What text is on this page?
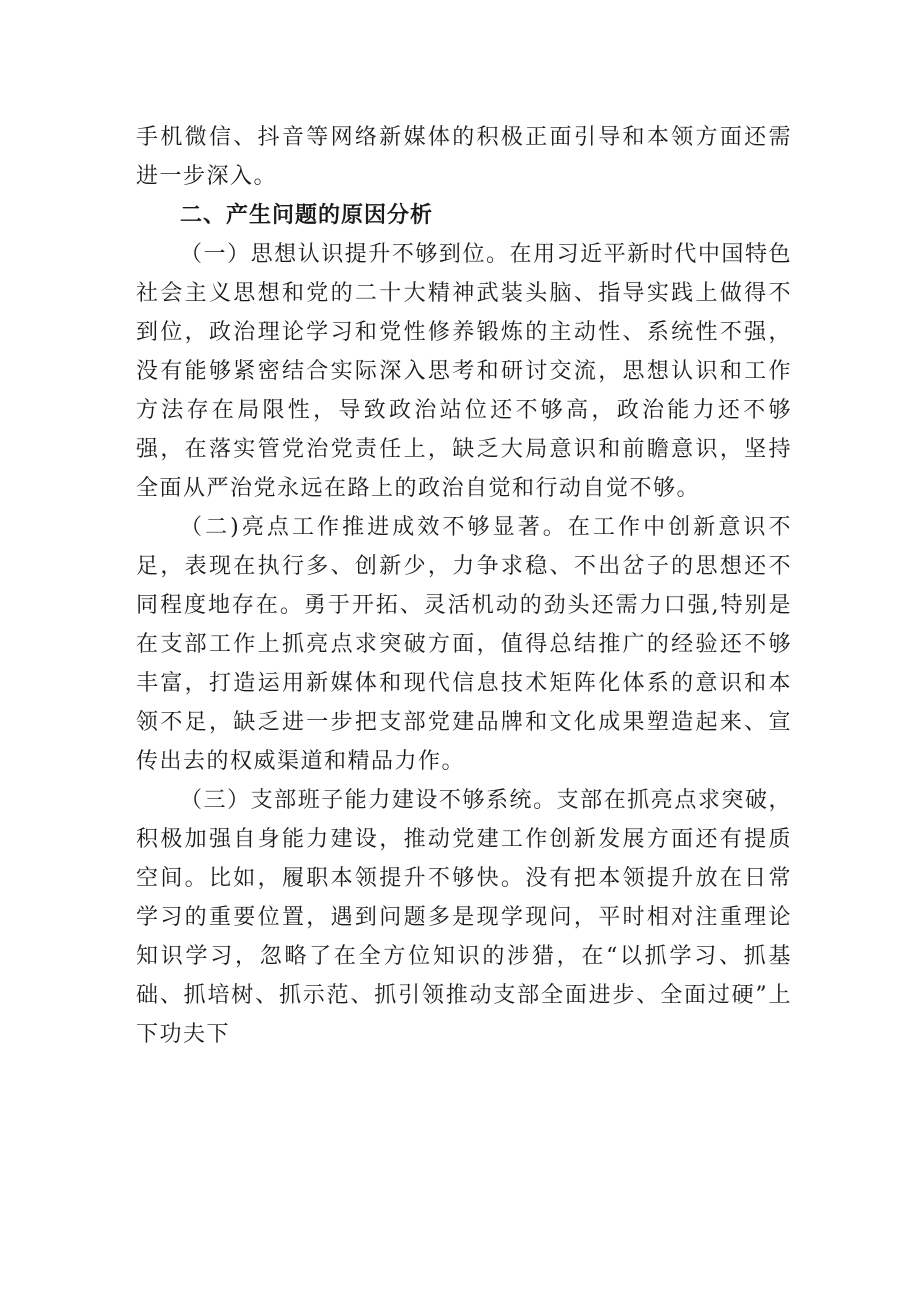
手机微信、抖音等网络新媒体的积极正面引导和本领方面还需进一步深入。

二、产生问题的原因分析

（一）思想认识提升不够到位。在用习近平新时代中国特色社会主义思想和党的二十大精神武装头脑、指导实践上做得不到位，政治理论学习和党性修养锻炼的主动性、系统性不强，没有能够紧密结合实际深入思考和研讨交流，思想认识和工作方法存在局限性，导致政治站位还不够高，政治能力还不够强，在落实管党治党责任上，缺乏大局意识和前瞻意识，坚持全面从严治党永远在路上的政治自觉和行动自觉不够。

（二)亮点工作推进成效不够显著。在工作中创新意识不足，表现在执行多、创新少，力争求稳、不出岔子的思想还不同程度地存在。勇于开拓、灵活机动的劲头还需力口强,特别是在支部工作上抓亮点求突破方面，值得总结推广的经验还不够丰富，打造运用新媒体和现代信息技术矩阵化体系的意识和本领不足，缺乏进一步把支部党建品牌和文化成果塑造起来、宣传出去的权威渠道和精品力作。

（三）支部班子能力建设不够系统。支部在抓亮点求突破，积极加强自身能力建设，推动党建工作创新发展方面还有提质空间。比如，履职本领提升不够快。没有把本领提升放在日常学习的重要位置，遇到问题多是现学现问，平时相对注重理论知识学习，忽略了在全方位知识的涉猎，在“以抓学习、抓基础、抓培树、抓示范、抓引领推动支部全面进步、全面过硬”上下功夫下
